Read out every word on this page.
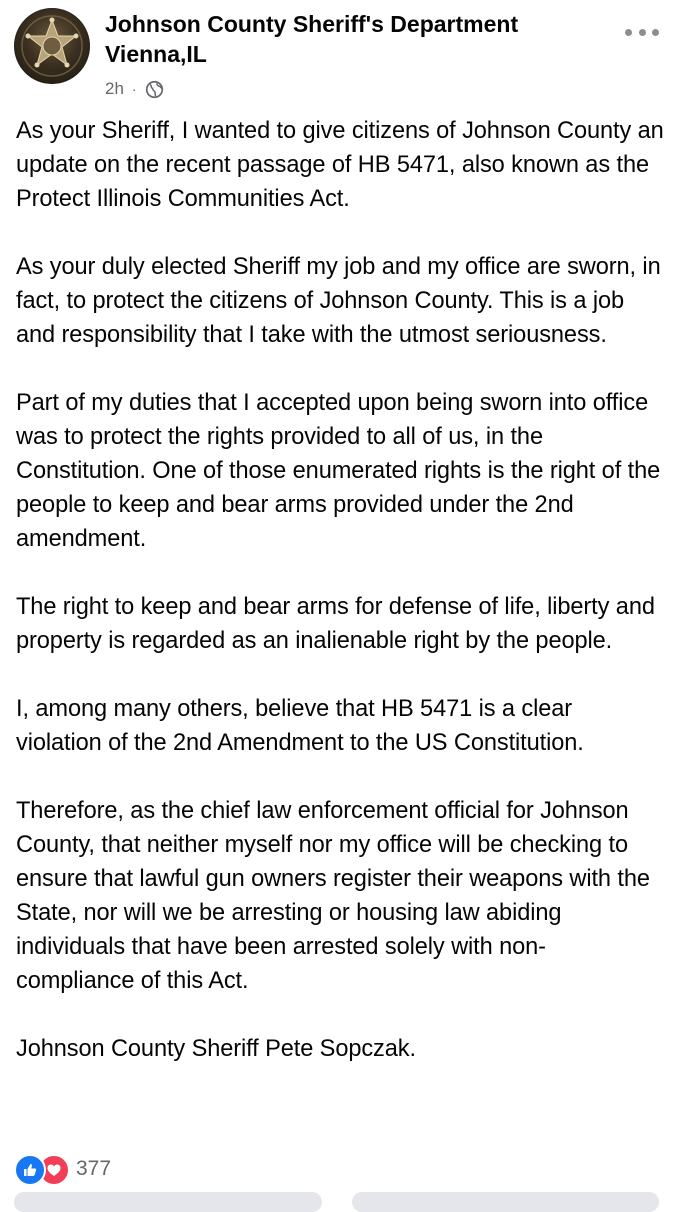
Johnson County Sheriff's Department
Vienna,IL
2h ·

As your Sheriff, I wanted to give citizens of Johnson County an update on the recent passage of HB 5471, also known as the Protect Illinois Communities Act.

As your duly elected Sheriff my job and my office are sworn, in fact, to protect the citizens of Johnson County. This is a job and responsibility that I take with the utmost seriousness.

Part of my duties that I accepted upon being sworn into office was to protect the rights provided to all of us, in the Constitution. One of those enumerated rights is the right of the people to keep and bear arms provided under the 2nd amendment.

The right to keep and bear arms for defense of life, liberty and property is regarded as an inalienable right by the people.

I, among many others, believe that HB 5471 is a clear violation of the 2nd Amendment to the US Constitution.

Therefore, as the chief law enforcement official for Johnson County, that neither myself nor my office will be checking to ensure that lawful gun owners register their weapons with the State, nor will we be arresting or housing law abiding individuals that have been arrested solely with non-compliance of this Act.

Johnson County Sheriff Pete Sopczak.

377
